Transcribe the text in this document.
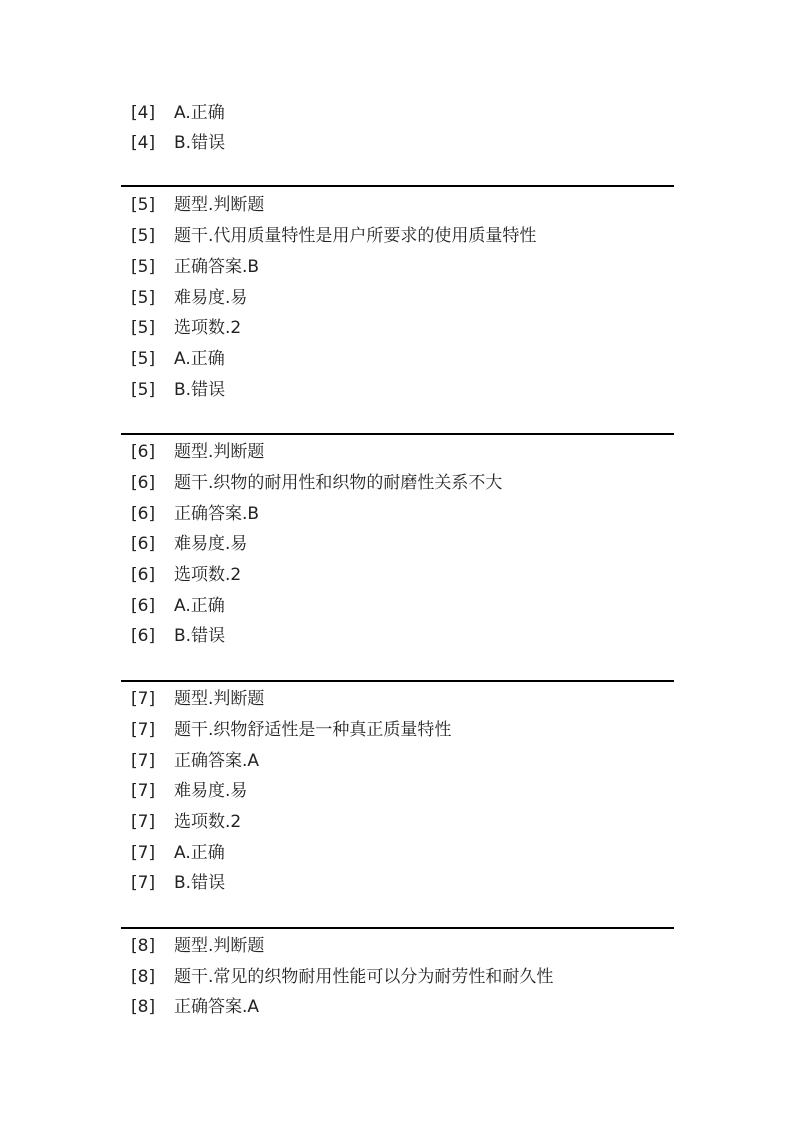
[4] A.正确
[4] B.错误
[5] 题型.判断题
[5] 题干.代用质量特性是用户所要求的使用质量特性
[5] 正确答案.B
[5] 难易度.易
[5] 选项数.2
[5] A.正确
[5] B.错误
[6] 题型.判断题
[6] 题干.织物的耐用性和织物的耐磨性关系不大
[6] 正确答案.B
[6] 难易度.易
[6] 选项数.2
[6] A.正确
[6] B.错误
[7] 题型.判断题
[7] 题干.织物舒适性是一种真正质量特性
[7] 正确答案.A
[7] 难易度.易
[7] 选项数.2
[7] A.正确
[7] B.错误
[8] 题型.判断题
[8] 题干.常见的织物耐用性能可以分为耐劳性和耐久性
[8] 正确答案.A
